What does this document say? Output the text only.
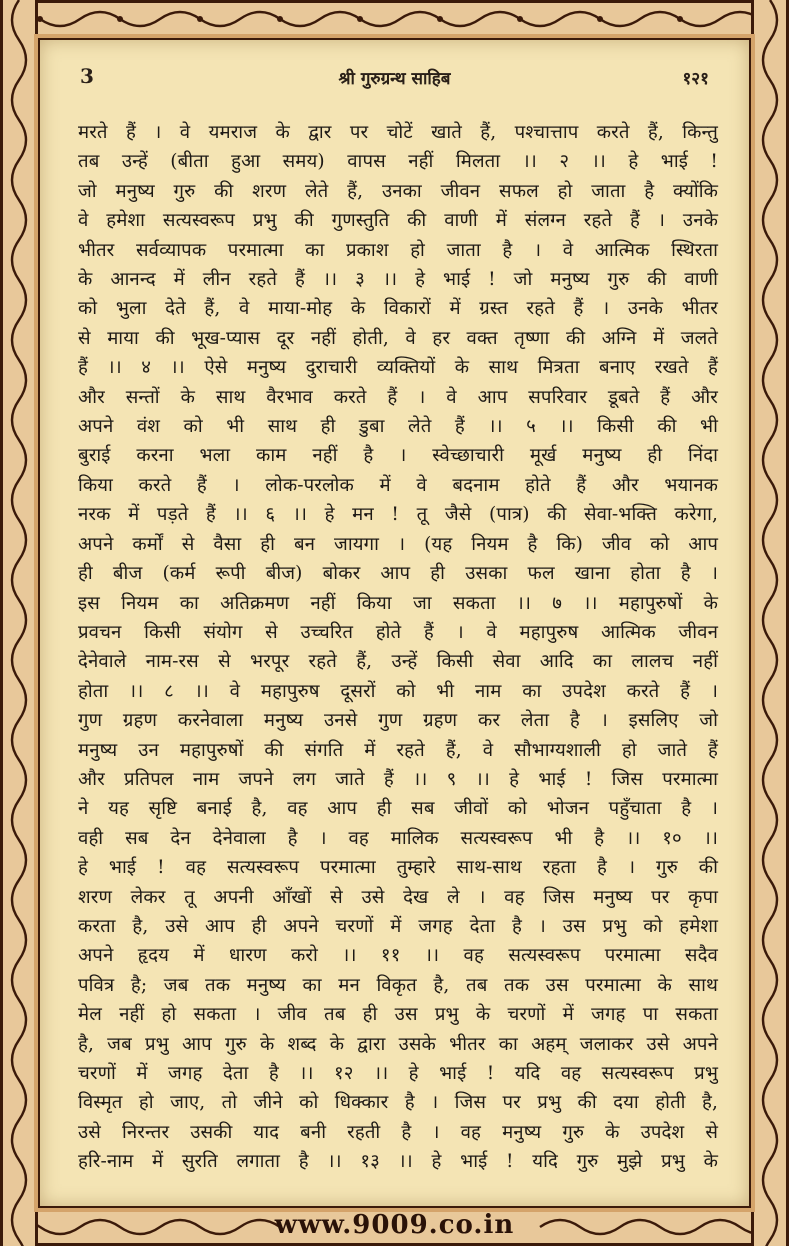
3	श्री गुरुग्रन्थ साहिब	१२१
मरते हैं । वे यमराज के द्वार पर चोटें खाते हैं, पश्चात्ताप करते हैं, किन्तु
तब उन्हें (बीता हुआ समय) वापस नहीं मिलता ।। २ ।। हे भाई !
जो मनुष्य गुरु की शरण लेते हैं, उनका जीवन सफल हो जाता है क्योंकि
वे हमेशा सत्यस्वरूप प्रभु की गुणस्तुति की वाणी में संलग्न रहते हैं । उनके
भीतर सर्वव्यापक परमात्मा का प्रकाश हो जाता है । वे आत्मिक स्थिरता
के आनन्द में लीन रहते हैं ।। ३ ।। हे भाई ! जो मनुष्य गुरु की वाणी
को भुला देते हैं, वे माया-मोह के विकारों में ग्रस्त रहते हैं । उनके भीतर
से माया की भूख-प्यास दूर नहीं होती, वे हर वक्त तृष्णा की अग्नि में जलते
हैं ।। ४ ।। ऐसे मनुष्य दुराचारी व्यक्तियों के साथ मित्रता बनाए रखते हैं
और सन्तों के साथ वैरभाव करते हैं । वे आप सपरिवार डूबते हैं और
अपने वंश को भी साथ ही डुबा लेते हैं ।। ५ ।। किसी की भी
बुराई करना भला काम नहीं है । स्वेच्छाचारी मूर्ख मनुष्य ही निंदा
किया करते हैं । लोक-परलोक में वे बदनाम होते हैं और भयानक
नरक में पड़ते हैं ।। ६ ।। हे मन ! तू जैसे (पात्र) की सेवा-भक्ति करेगा,
अपने कर्मों से वैसा ही बन जायगा । (यह नियम है कि) जीव को आप
ही बीज (कर्म रूपी बीज) बोकर आप ही उसका फल खाना होता है ।
इस नियम का अतिक्रमण नहीं किया जा सकता ।। ७ ।। महापुरुषों के
प्रवचन किसी संयोग से उच्चरित होते हैं । वे महापुरुष आत्मिक जीवन
देनेवाले नाम-रस से भरपूर रहते हैं, उन्हें किसी सेवा आदि का लालच नहीं
होता ।। ८ ।। वे महापुरुष दूसरों को भी नाम का उपदेश करते हैं ।
गुण ग्रहण करनेवाला मनुष्य उनसे गुण ग्रहण कर लेता है । इसलिए जो
मनुष्य उन महापुरुषों की संगति में रहते हैं, वे सौभाग्यशाली हो जाते हैं
और प्रतिपल नाम जपने लग जाते हैं ।। ९ ।। हे भाई ! जिस परमात्मा
ने यह सृष्टि बनाई है, वह आप ही सब जीवों को भोजन पहुँचाता है ।
वही सब देन देनेवाला है । वह मालिक सत्यस्वरूप भी है ।। १० ।।
हे भाई ! वह सत्यस्वरूप परमात्मा तुम्हारे साथ-साथ रहता है । गुरु की
शरण लेकर तू अपनी आँखों से उसे देख ले । वह जिस मनुष्य पर कृपा
करता है, उसे आप ही अपने चरणों में जगह देता है । उस प्रभु को हमेशा
अपने हृदय में धारण करो ।। ११ ।। वह सत्यस्वरूप परमात्मा सदैव
पवित्र है; जब तक मनुष्य का मन विकृत है, तब तक उस परमात्मा के साथ
मेल नहीं हो सकता । जीव तब ही उस प्रभु के चरणों में जगह पा सकता
है, जब प्रभु आप गुरु के शब्द के द्वारा उसके भीतर का अहम् जलाकर उसे अपने
चरणों में जगह देता है ।। १२ ।। हे भाई ! यदि वह सत्यस्वरूप प्रभु
विस्मृत हो जाए, तो जीने को धिक्कार है । जिस पर प्रभु की दया होती है,
उसे निरन्तर उसकी याद बनी रहती है । वह मनुष्य गुरु के उपदेश से
हरि-नाम में सुरति लगाता है ।। १३ ।। हे भाई ! यदि गुरु मुझे प्रभु के
www.9009.co.in
